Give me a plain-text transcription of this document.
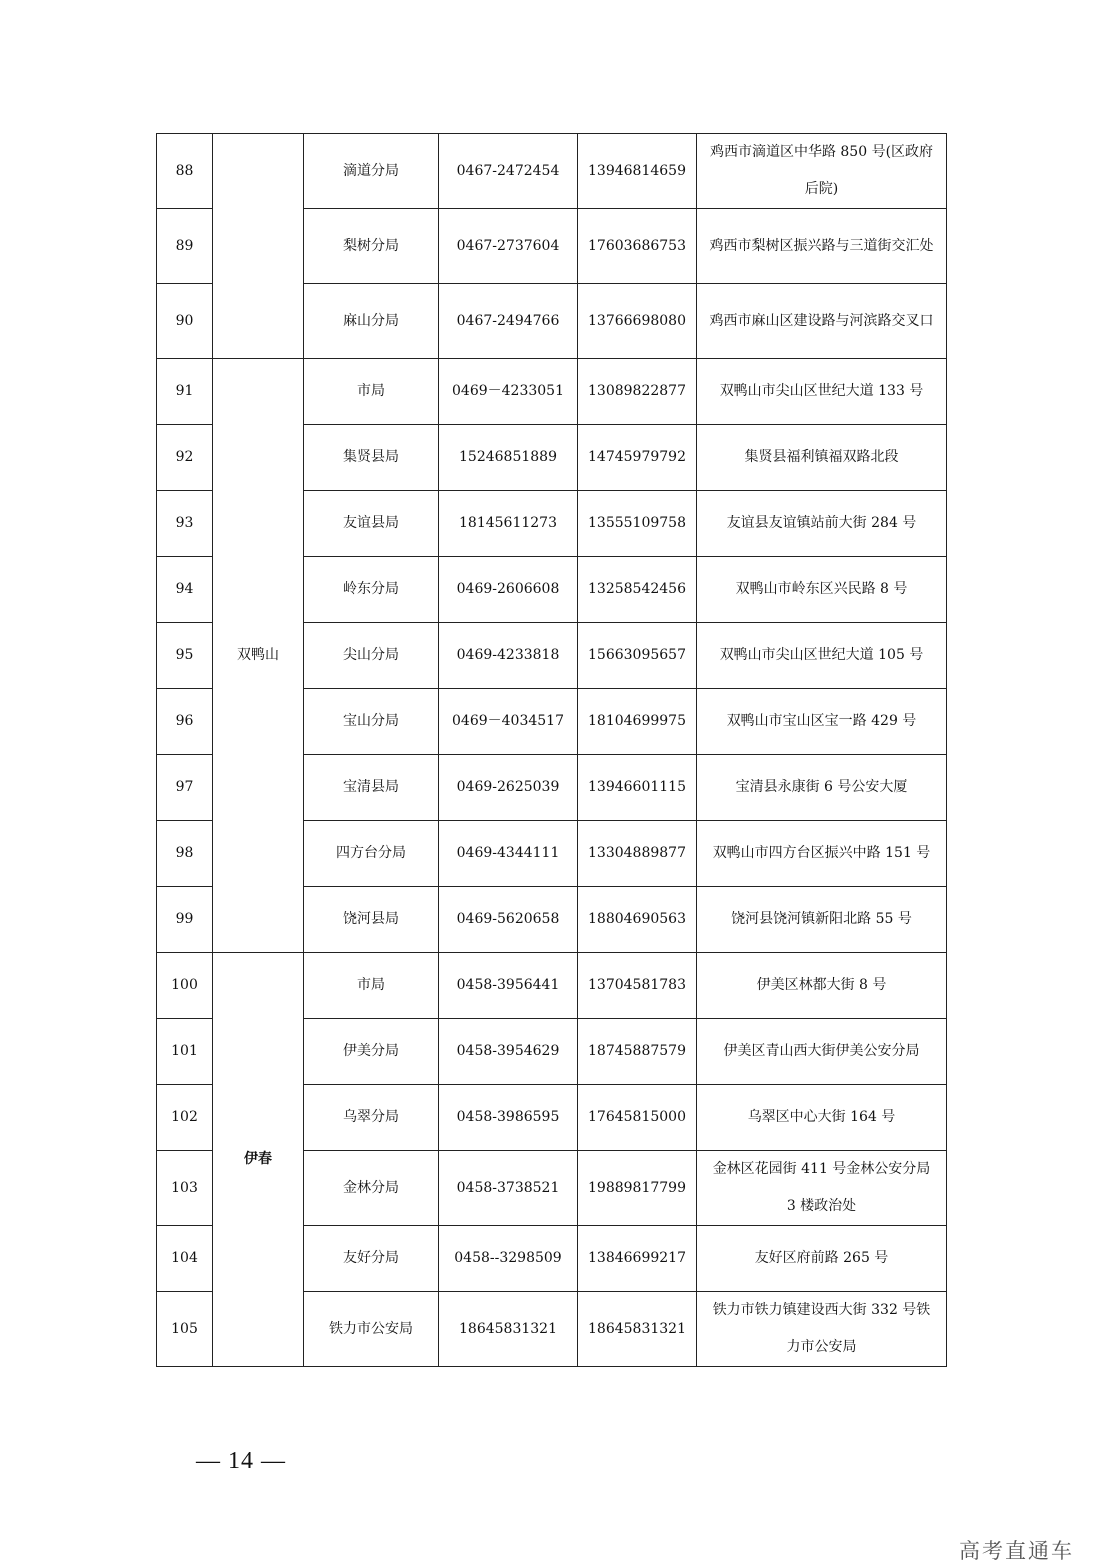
88		滴道分局	0467-2472454	13946814659	鸡西市滴道区中华路 850 号(区政府后院)
89		梨树分局	0467-2737604	17603686753	鸡西市梨树区振兴路与三道街交汇处
90		麻山分局	0467-2494766	13766698080	鸡西市麻山区建设路与河滨路交叉口
91	双鸭山	市局	0469－4233051	13089822877	双鸭山市尖山区世纪大道 133 号
92		集贤县局	15246851889	14745979792	集贤县福利镇福双路北段
93		友谊县局	18145611273	13555109758	友谊县友谊镇站前大街 284 号
94		岭东分局	0469-2606608	13258542456	双鸭山市岭东区兴民路 8 号
95		尖山分局	0469-4233818	15663095657	双鸭山市尖山区世纪大道 105 号
96		宝山分局	0469－4034517	18104699975	双鸭山市宝山区宝一路 429 号
97		宝清县局	0469-2625039	13946601115	宝清县永康街 6 号公安大厦
98		四方台分局	0469-4344111	13304889877	双鸭山市四方台区振兴中路 151 号
99		饶河县局	0469-5620658	18804690563	饶河县饶河镇新阳北路 55 号
100	伊春	市局	0458-3956441	13704581783	伊美区林都大街 8 号
101		伊美分局	0458-3954629	18745887579	伊美区青山西大街伊美公安分局
102		乌翠分局	0458-3986595	17645815000	乌翠区中心大街 164 号
103		金林分局	0458-3738521	19889817799	金林区花园街 411 号金林公安分局 3 楼政治处
104		友好分局	0458--3298509	13846699217	友好区府前路 265 号
105		铁力市公安局	18645831321	18645831321	铁力市铁力镇建设西大街 332 号铁力市公安局
— 14 —
高考直通车
